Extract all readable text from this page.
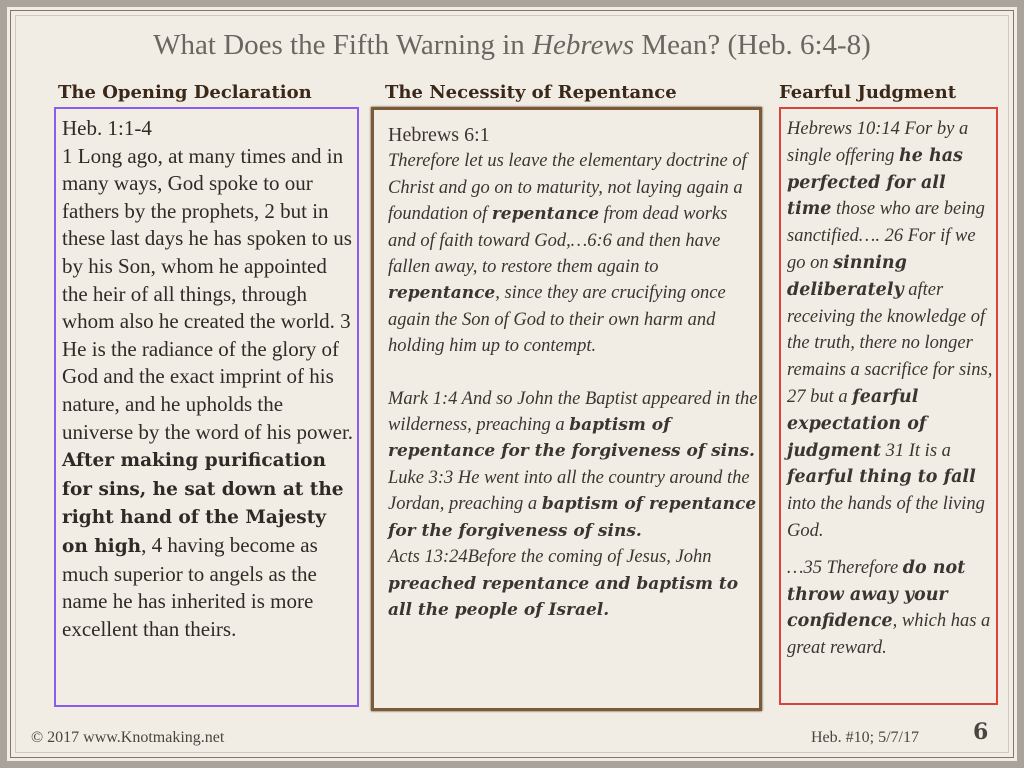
What Does the Fifth Warning in Hebrews Mean? (Heb. 6:4-8)
The Opening Declaration	The Necessity of Repentance	Fearful Judgment
Heb. 1:1-4
1 Long ago, at many times and in many ways, God spoke to our fathers by the prophets, 2 but in these last days he has spoken to us by his Son, whom he appointed the heir of all things, through whom also he created the world. 3 He is the radiance of the glory of God and the exact imprint of his nature, and he upholds the universe by the word of his power. After making purification for sins, he sat down at the right hand of the Majesty on high, 4 having become as much superior to angels as the name he has inherited is more excellent than theirs.
Hebrews 6:1
Therefore let us leave the elementary doctrine of Christ and go on to maturity, not laying again a foundation of repentance from dead works and of faith toward God,…6:6 and then have fallen away, to restore them again to repentance, since they are crucifying once again the Son of God to their own harm and holding him up to contempt.
Mark 1:4 And so John the Baptist appeared in the wilderness, preaching a baptism of repentance for the forgiveness of sins.
Luke 3:3 He went into all the country around the Jordan, preaching a baptism of repentance for the forgiveness of sins.
Acts 13:24Before the coming of Jesus, John preached repentance and baptism to all the people of Israel.
Hebrews 10:14 For by a single offering he has perfected for all time those who are being sanctified…. 26 For if we go on sinning deliberately after receiving the knowledge of the truth, there no longer remains a sacrifice for sins, 27 but a fearful expectation of judgment 31 It is a fearful thing to fall into the hands of the living God.
…35 Therefore do not throw away your confidence, which has a great reward.
© 2017 www.Knotmaking.net	Heb. #10; 5/7/17 6
